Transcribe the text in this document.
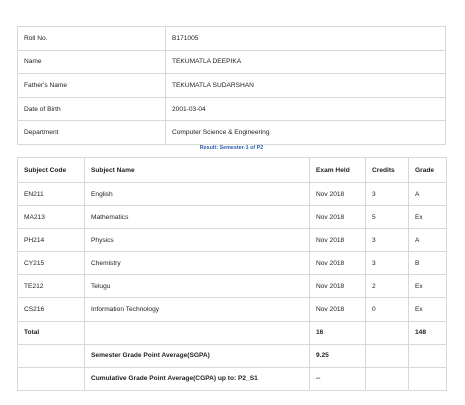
Roll No.	B171005
Name	TEKUMATLA DEEPIKA
Father's Name	TEKUMATLA SUDARSHAN
Date of Birth	2001-03-04
Department	Computer Science & Engineering
Result: Semester-1 of P2
Subject Code	Subject Name	Exam Held	Credits	Grade
EN211	English	Nov 2018	3	A
MA213	Mathematics	Nov 2018	5	Ex
PH214	Physics	Nov 2018	3	A
CY215	Chemistry	Nov 2018	3	B
TE212	Telugu	Nov 2018	2	Ex
CS216	Information Technology	Nov 2018	0	Ex
Total		16		148
	Semester Grade Point Average(SGPA)	9.25		
	Cumulative Grade Point Average(CGPA) up to: P2_S1	--		
